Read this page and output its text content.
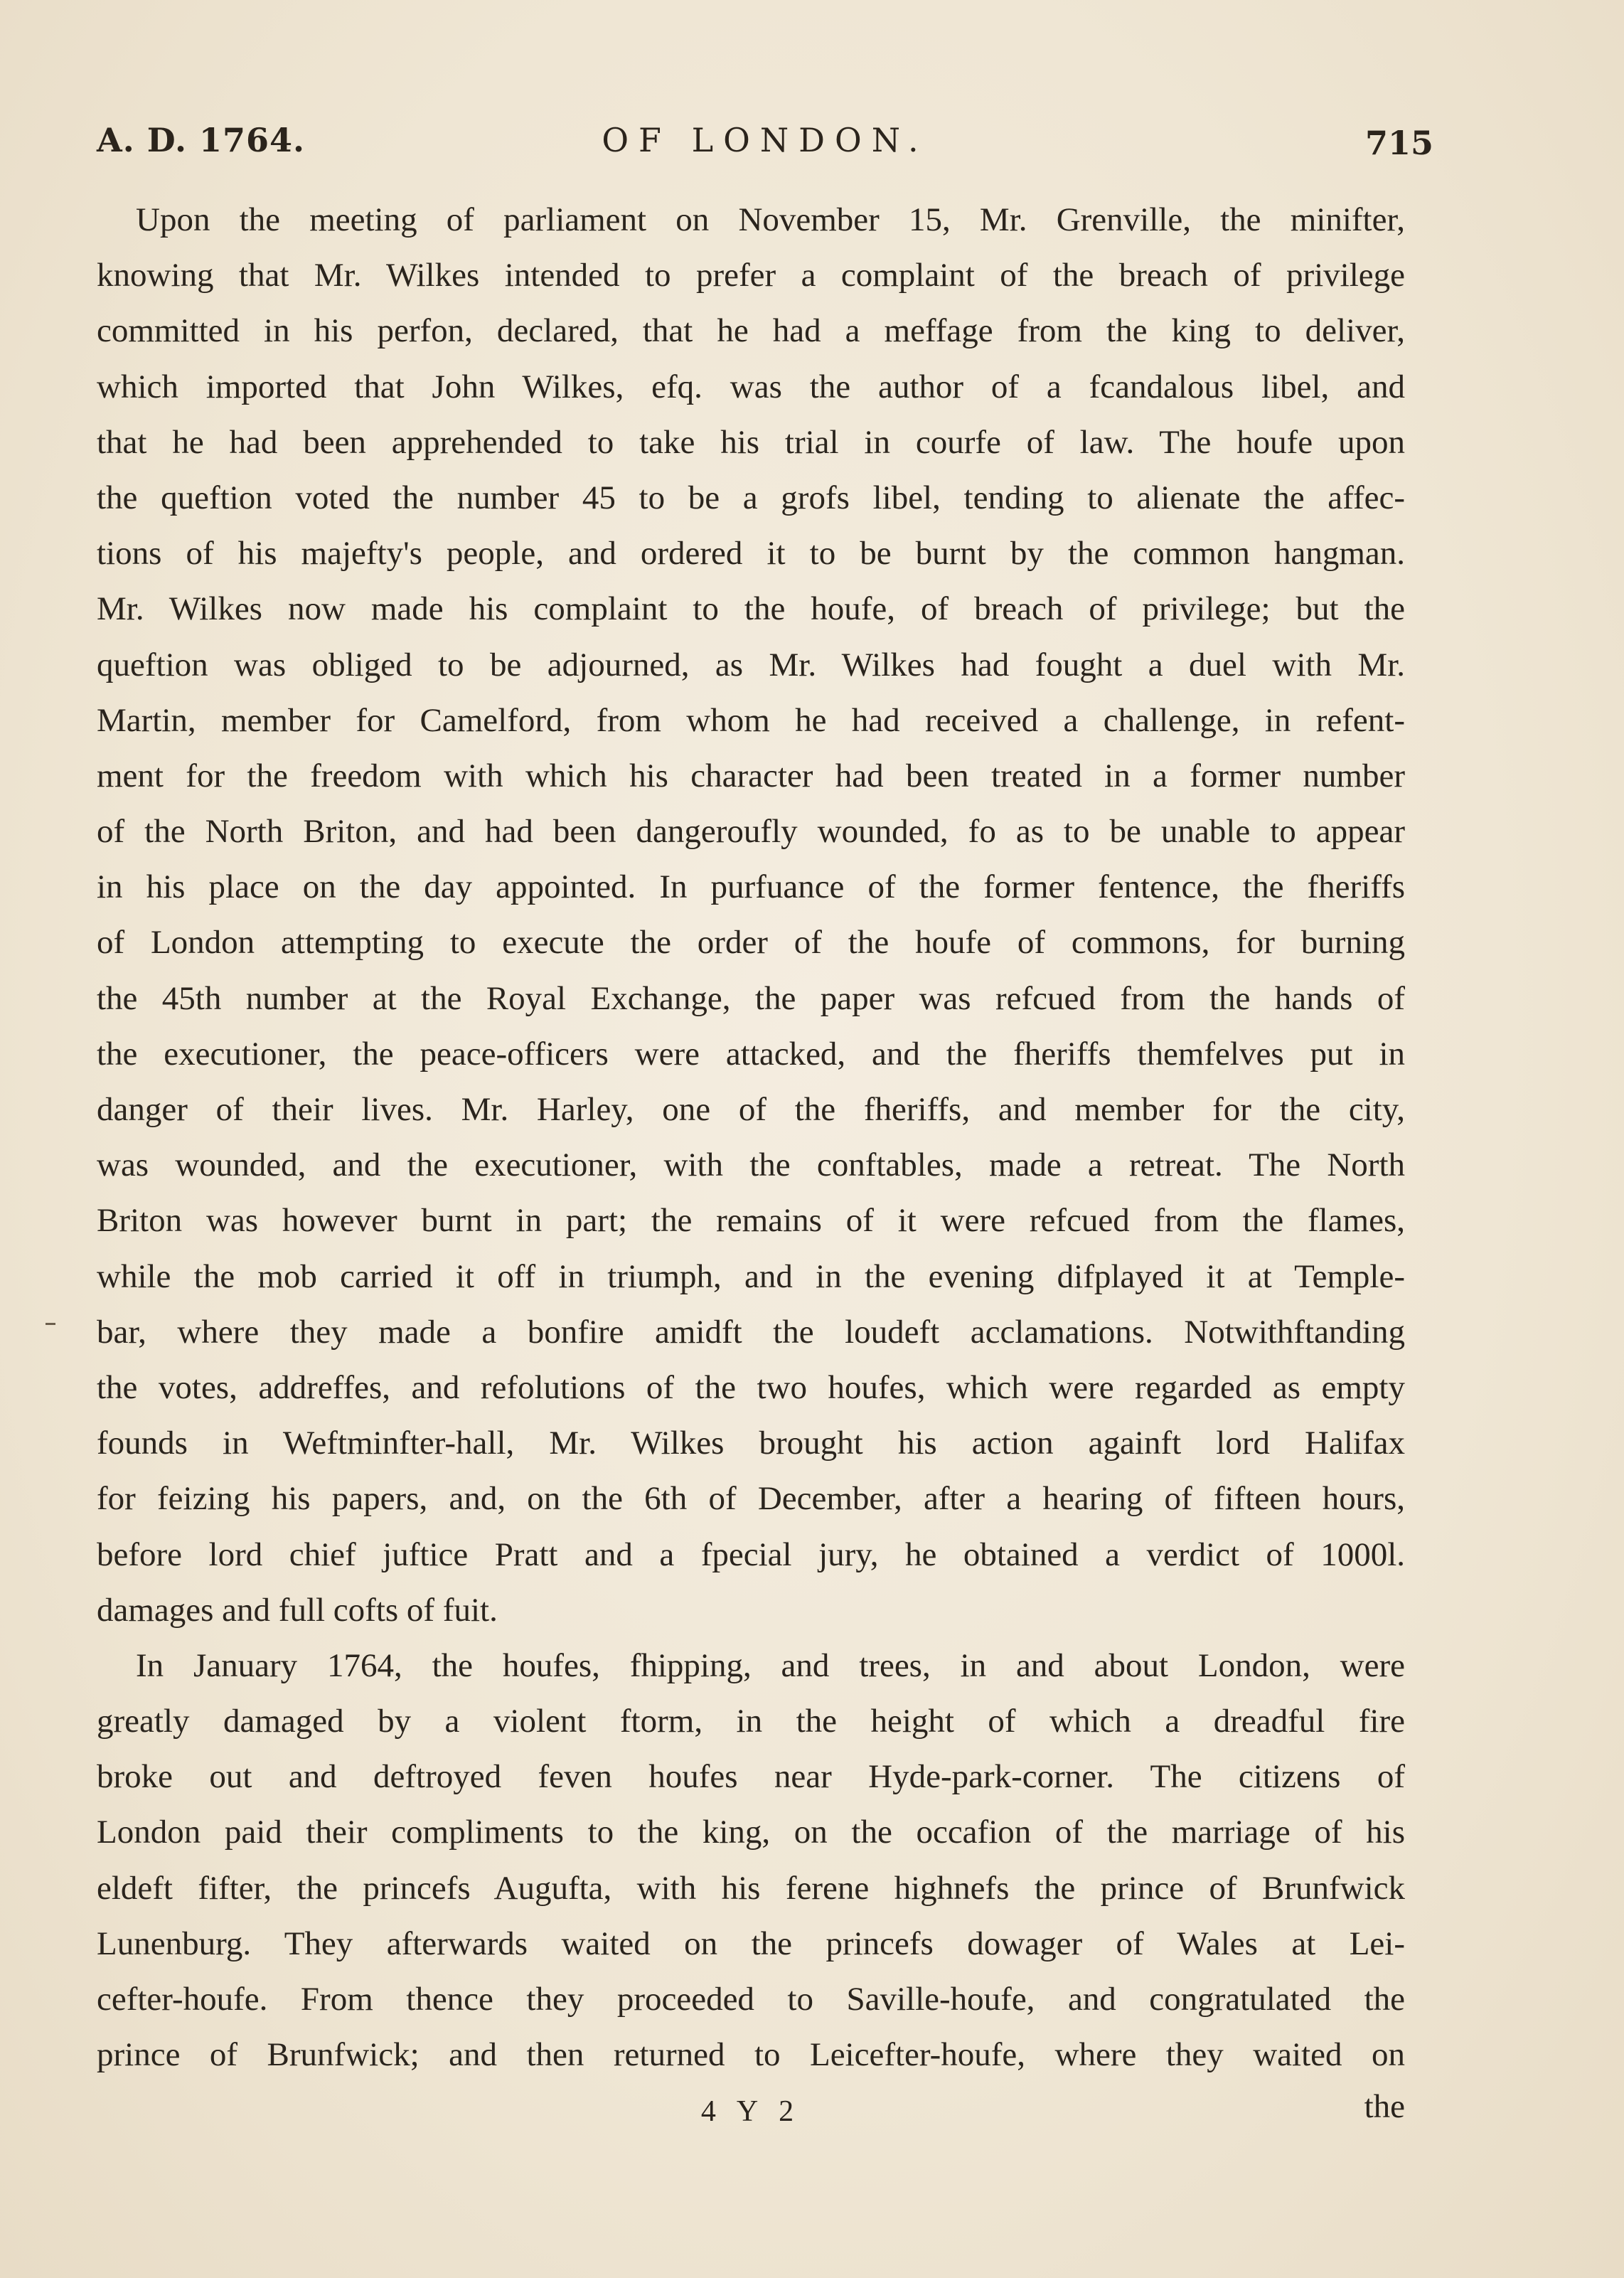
A. D. 1764.	OF LONDON.	715
Upon the meeting of parliament on November 15, Mr. Grenville, the minifter,
knowing that Mr. Wilkes intended to prefer a complaint of the breach of privilege
committed in his perfon, declared, that he had a meffage from the king to deliver,
which imported that John Wilkes, efq. was the author of a fcandalous libel, and
that he had been apprehended to take his trial in courfe of law. The houfe upon
the queftion voted the number 45 to be a grofs libel, tending to alienate the affec-
tions of his majefty's people, and ordered it to be burnt by the common hangman.
Mr. Wilkes now made his complaint to the houfe, of breach of privilege; but the
queftion was obliged to be adjourned, as Mr. Wilkes had fought a duel with Mr.
Martin, member for Camelford, from whom he had received a challenge, in refent-
ment for the freedom with which his character had been treated in a former number
of the North Briton, and had been dangeroufly wounded, fo as to be unable to appear
in his place on the day appointed. In purfuance of the former fentence, the fheriffs
of London attempting to execute the order of the houfe of commons, for burning
the 45th number at the Royal Exchange, the paper was refcued from the hands of
the executioner, the peace-officers were attacked, and the fheriffs themfelves put in
danger of their lives. Mr. Harley, one of the fheriffs, and member for the city,
was wounded, and the executioner, with the conftables, made a retreat. The North
Briton was however burnt in part; the remains of it were refcued from the flames,
while the mob carried it off in triumph, and in the evening difplayed it at Temple-
bar, where they made a bonfire amidft the loudeft acclamations. Notwithftanding
the votes, addreffes, and refolutions of the two houfes, which were regarded as empty
founds in Weftminfter-hall, Mr. Wilkes brought his action againft lord Halifax
for feizing his papers, and, on the 6th of December, after a hearing of fifteen hours,
before lord chief juftice Pratt and a fpecial jury, he obtained a verdict of 1000l.
damages and full cofts of fuit.
In January 1764, the houfes, fhipping, and trees, in and about London, were
greatly damaged by a violent ftorm, in the height of which a dreadful fire
broke out and deftroyed feven houfes near Hyde-park-corner. The citizens of
London paid their compliments to the king, on the occafion of the marriage of his
eldeft fifter, the princefs Augufta, with his ferene highnefs the prince of Brunfwick
Lunenburg. They afterwards waited on the princefs dowager of Wales at Lei-
cefter-houfe. From thence they proceeded to Saville-houfe, and congratulated the
prince of Brunfwick; and then returned to Leicefter-houfe, where they waited on
4 Y 2	the
